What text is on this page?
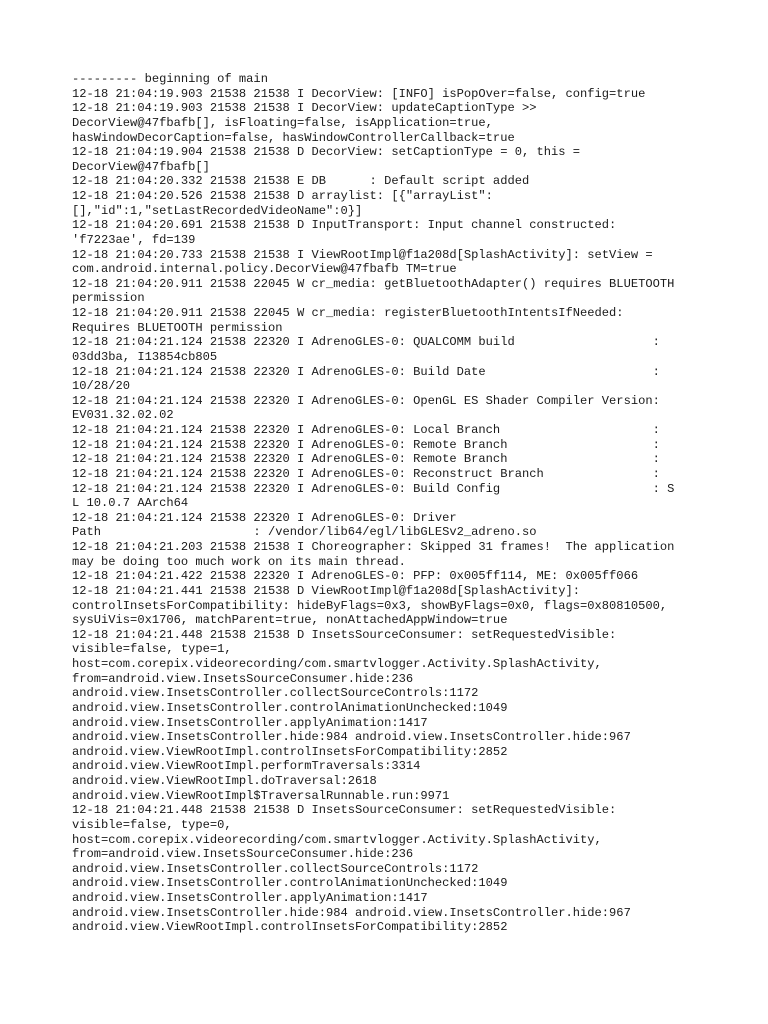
--------- beginning of main
12-18 21:04:19.903 21538 21538 I DecorView: [INFO] isPopOver=false, config=true
12-18 21:04:19.903 21538 21538 I DecorView: updateCaptionType >>
DecorView@47fbafb[], isFloating=false, isApplication=true,
hasWindowDecorCaption=false, hasWindowControllerCallback=true
12-18 21:04:19.904 21538 21538 D DecorView: setCaptionType = 0, this =
DecorView@47fbafb[]
12-18 21:04:20.332 21538 21538 E DB      : Default script added
12-18 21:04:20.526 21538 21538 D arraylist: [{"arrayList":
[],"id":1,"setLastRecordedVideoName":0}]
12-18 21:04:20.691 21538 21538 D InputTransport: Input channel constructed:
'f7223ae', fd=139
12-18 21:04:20.733 21538 21538 I ViewRootImpl@f1a208d[SplashActivity]: setView =
com.android.internal.policy.DecorView@47fbafb TM=true
12-18 21:04:20.911 21538 22045 W cr_media: getBluetoothAdapter() requires BLUETOOTH
permission
12-18 21:04:20.911 21538 22045 W cr_media: registerBluetoothIntentsIfNeeded:
Requires BLUETOOTH permission
12-18 21:04:21.124 21538 22320 I AdrenoGLES-0: QUALCOMM build                   :
03dd3ba, I13854cb805
12-18 21:04:21.124 21538 22320 I AdrenoGLES-0: Build Date                       :
10/28/20
12-18 21:04:21.124 21538 22320 I AdrenoGLES-0: OpenGL ES Shader Compiler Version:
EV031.32.02.02
12-18 21:04:21.124 21538 22320 I AdrenoGLES-0: Local Branch                     :
12-18 21:04:21.124 21538 22320 I AdrenoGLES-0: Remote Branch                    :
12-18 21:04:21.124 21538 22320 I AdrenoGLES-0: Remote Branch                    :
12-18 21:04:21.124 21538 22320 I AdrenoGLES-0: Reconstruct Branch               :
12-18 21:04:21.124 21538 22320 I AdrenoGLES-0: Build Config                     : S
L 10.0.7 AArch64
12-18 21:04:21.124 21538 22320 I AdrenoGLES-0: Driver
Path                     : /vendor/lib64/egl/libGLESv2_adreno.so
12-18 21:04:21.203 21538 21538 I Choreographer: Skipped 31 frames!  The application
may be doing too much work on its main thread.
12-18 21:04:21.422 21538 22320 I AdrenoGLES-0: PFP: 0x005ff114, ME: 0x005ff066
12-18 21:04:21.441 21538 21538 D ViewRootImpl@f1a208d[SplashActivity]:
controlInsetsForCompatibility: hideByFlags=0x3, showByFlags=0x0, flags=0x80810500,
sysUiVis=0x1706, matchParent=true, nonAttachedAppWindow=true
12-18 21:04:21.448 21538 21538 D InsetsSourceConsumer: setRequestedVisible:
visible=false, type=1,
host=com.corepix.videorecording/com.smartvlogger.Activity.SplashActivity,
from=android.view.InsetsSourceConsumer.hide:236
android.view.InsetsController.collectSourceControls:1172
android.view.InsetsController.controlAnimationUnchecked:1049
android.view.InsetsController.applyAnimation:1417
android.view.InsetsController.hide:984 android.view.InsetsController.hide:967
android.view.ViewRootImpl.controlInsetsForCompatibility:2852
android.view.ViewRootImpl.performTraversals:3314
android.view.ViewRootImpl.doTraversal:2618
android.view.ViewRootImpl$TraversalRunnable.run:9971
12-18 21:04:21.448 21538 21538 D InsetsSourceConsumer: setRequestedVisible:
visible=false, type=0,
host=com.corepix.videorecording/com.smartvlogger.Activity.SplashActivity,
from=android.view.InsetsSourceConsumer.hide:236
android.view.InsetsController.collectSourceControls:1172
android.view.InsetsController.controlAnimationUnchecked:1049
android.view.InsetsController.applyAnimation:1417
android.view.InsetsController.hide:984 android.view.InsetsController.hide:967
android.view.ViewRootImpl.controlInsetsForCompatibility:2852
